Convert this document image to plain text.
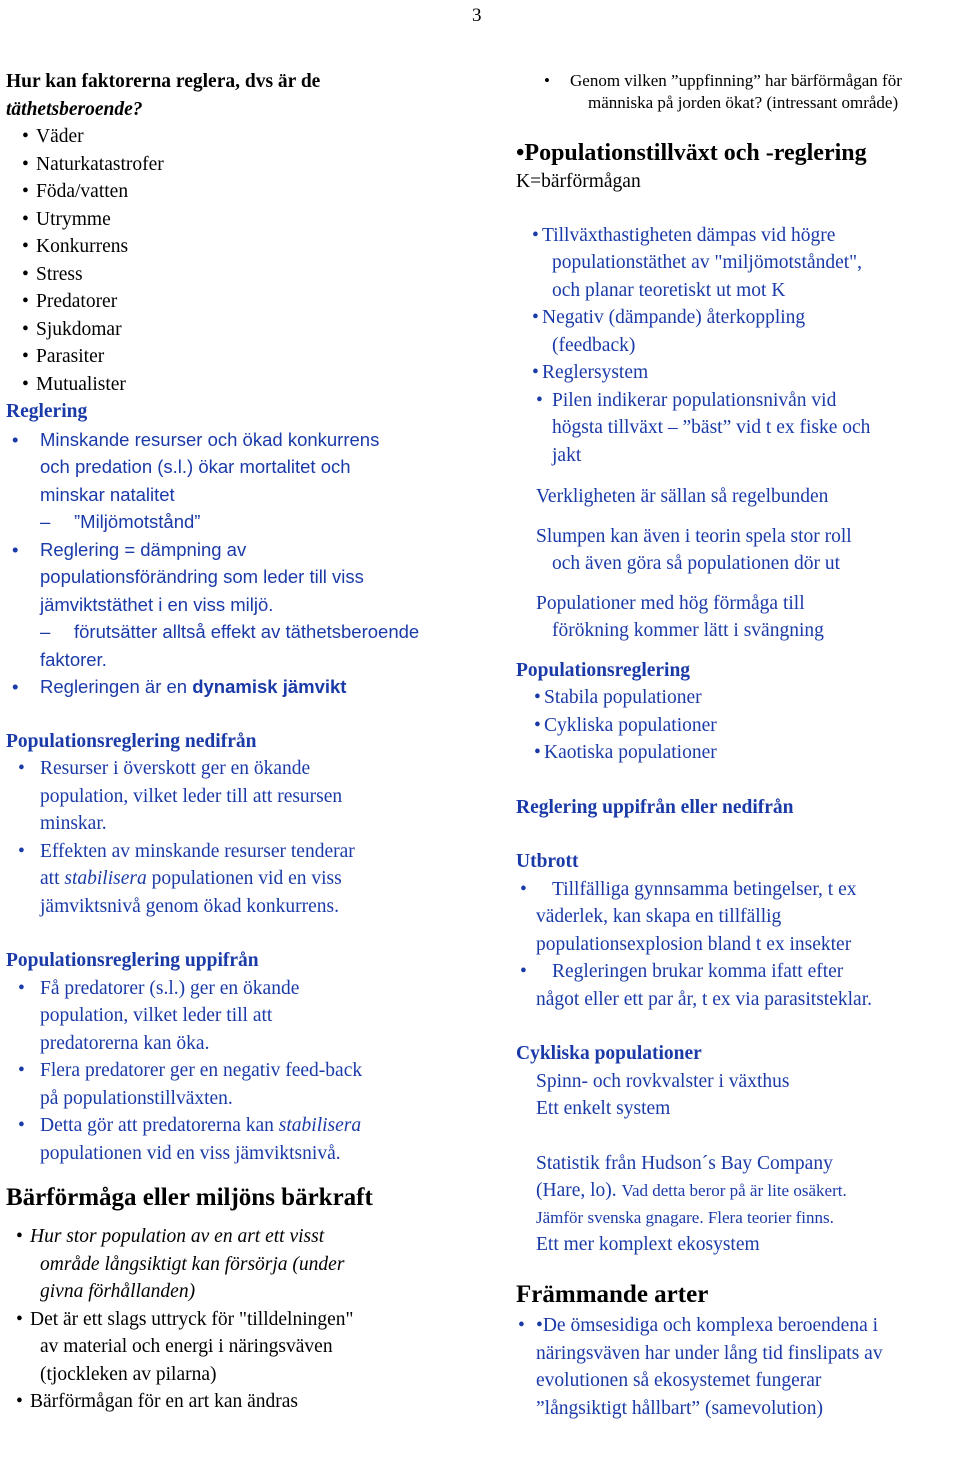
3
Hur kan faktorerna reglera, dvs är de
täthetsberoende?
• Väder
• Naturkatastrofer
• Föda/vatten
• Utrymme
• Konkurrens
• Stress
• Predatorer
• Sjukdomar
• Parasiter
• Mutualister
Reglering
• Minskande resurser och ökad konkurrens
och predation (s.l.) ökar mortalitet och
minskar natalitet
– ”Miljömotstånd”
• Reglering = dämpning av
populationsförändring som leder till viss
jämviktstäthet i en viss miljö.
– förutsätter alltså effekt av täthetsberoende
faktorer.
• Regleringen är en dynamisk jämvikt
Populationsreglering nedifrån
• Resurser i överskott ger en ökande
population, vilket leder till att resursen
minskar.
• Effekten av minskande resurser tenderar
att stabilisera populationen vid en viss
jämviktsnivå genom ökad konkurrens.
Populationsreglering uppifrån
• Få predatorer (s.l.) ger en ökande
population, vilket leder till att
predatorerna kan öka.
• Flera predatorer ger en negativ feed-back
på populationstillväxten.
• Detta gör att predatorerna kan stabilisera
populationen vid en viss jämviktsnivå.
Bärförmåga eller miljöns bärkraft
• Hur stor population av en art ett visst
område långsiktigt kan försörja (under
givna förhållanden)
• Det är ett slags uttryck för "tilldelningen"
av material och energi i näringsväven
(tjockleken av pilarna)
• Bärförmågan för en art kan ändras
• Genom vilken ”uppfinning” har bärförmågan för
människa på jorden ökat? (intressant område)
•Populationstillväxt och -reglering
K=bärförmågan
• Tillväxthastigheten dämpas vid högre
populationstäthet av "miljömotståndet",
och planar teoretiskt ut mot K
• Negativ (dämpande) återkoppling
(feedback)
• Reglersystem
• Pilen indikerar populationsnivån vid
högsta tillväxt – ”bäst” vid t ex fiske och
jakt
Verkligheten är sällan så regelbunden
Slumpen kan även i teorin spela stor roll
och även göra så populationen dör ut
Populationer med hög förmåga till
förökning kommer lätt i svängning
Populationsreglering
• Stabila populationer
• Cykliska populationer
• Kaotiska populationer
Reglering uppifrån eller nedifrån
Utbrott
• Tillfälliga gynnsamma betingelser, t ex
väderlek, kan skapa en tillfällig
populationsexplosion bland t ex insekter
• Regleringen brukar komma ifatt efter
något eller ett par år, t ex via parasitsteklar.
Cykliska populationer
Spinn- och rovkvalster i växthus
Ett enkelt system
Statistik från Hudson´s Bay Company
(Hare, lo). Vad detta beror på är lite osäkert.
Jämför svenska gnagare. Flera teorier finns.
Ett mer komplext ekosystem
Främmande arter
• •De ömsesidiga och komplexa beroendena i
näringsväven har under lång tid finslipats av
evolutionen så ekosystemet fungerar
”långsiktigt hållbart” (samevolution)
